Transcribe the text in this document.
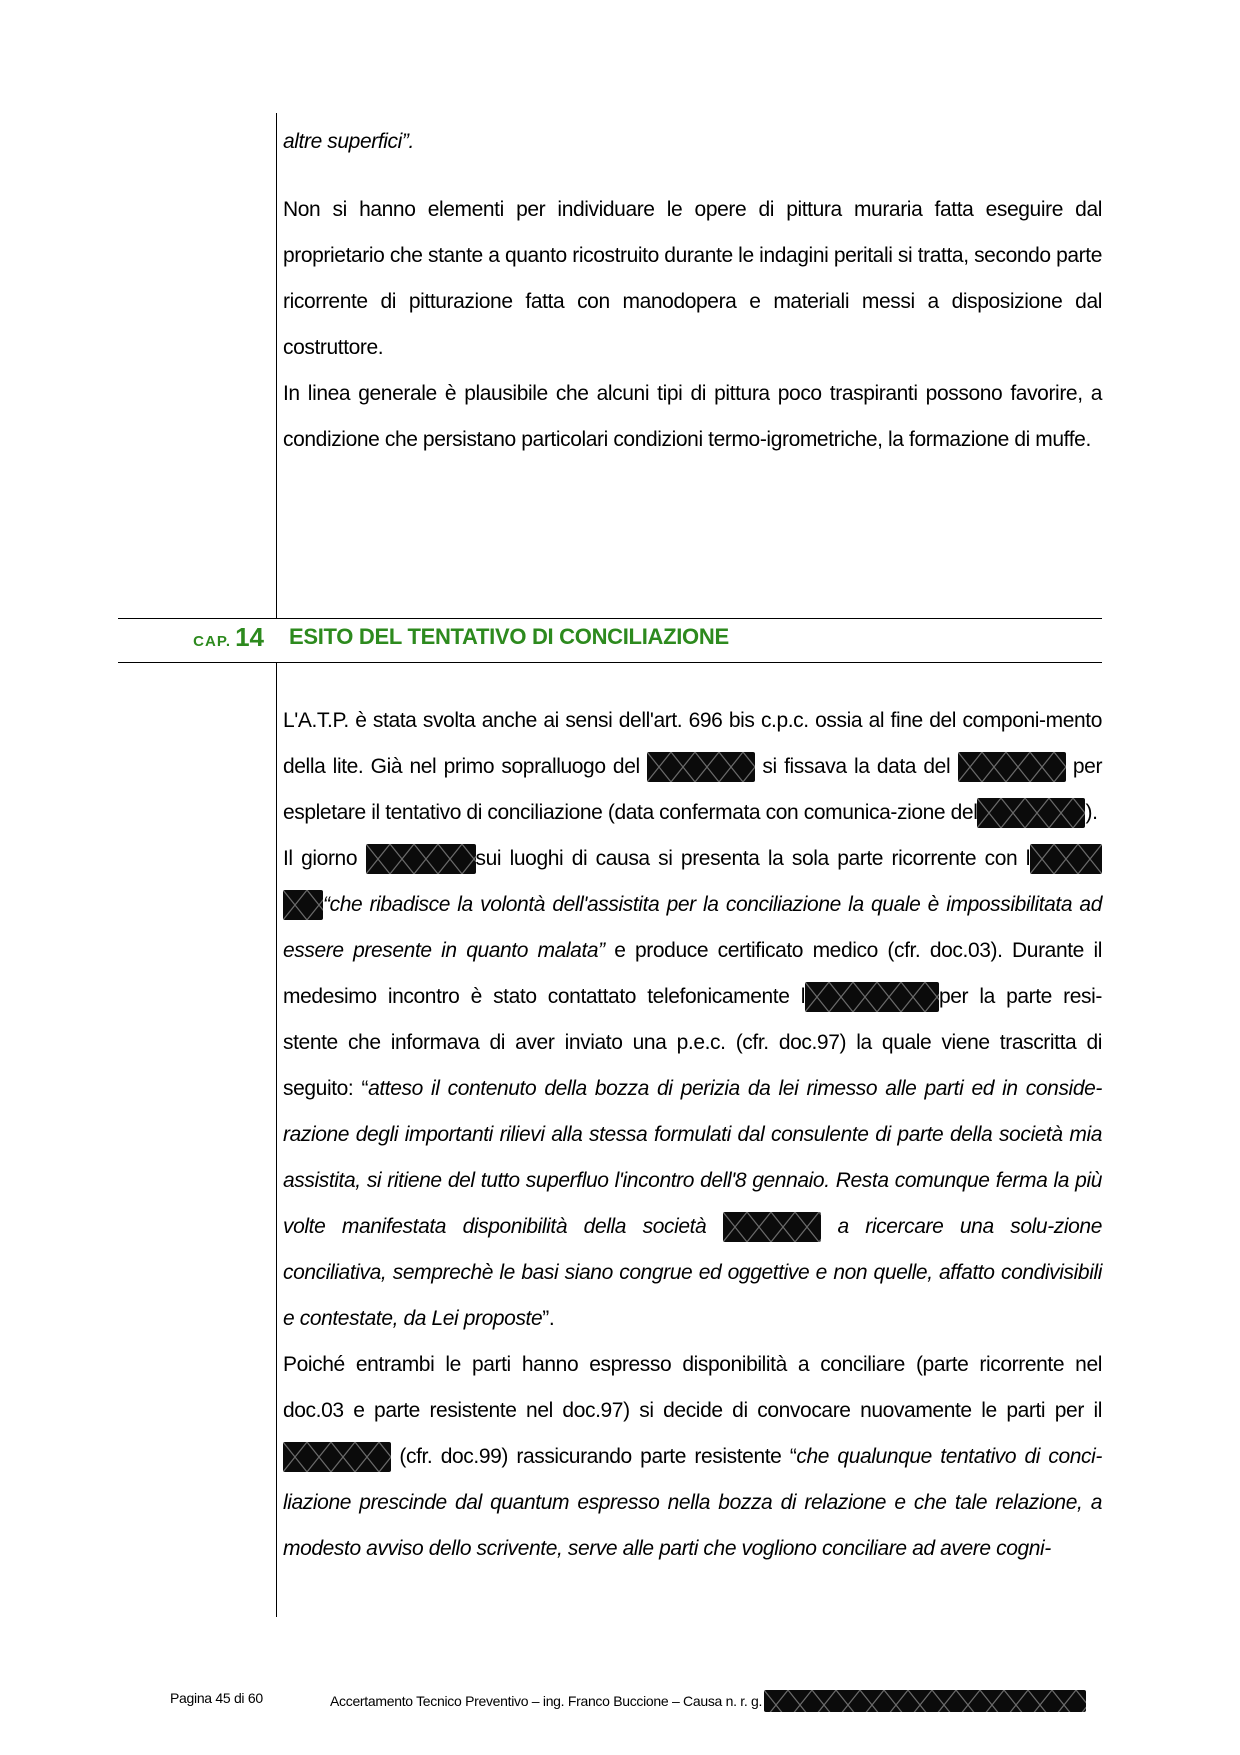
altre superfici”.

Non si hanno elementi per individuare le opere di pittura muraria fatta eseguire dal proprietario che stante a quanto ricostruito durante le indagini peritali si tratta, secondo parte ricorrente di pitturazione fatta con manodopera e materiali messi a disposizione dal costruttore.

In linea generale è plausibile che alcuni tipi di pittura poco traspiranti possono favorire, a condizione che persistano particolari condizioni termo-igrometriche, la formazione di muffe.

CAP. 14 ESITO DEL TENTATIVO DI CONCILIAZIONE

L'A.T.P. è stata svolta anche ai sensi dell'art. 696 bis c.p.c. ossia al fine del componi-mento della lite. Già nel primo sopralluogo del	si fissava la data del	per espletare il tentativo di conciliazione (data confermata con comunica-zione del	).

Il giorno	sui luoghi di causa si presenta la sola parte ricorrente con l

“che ribadisce la volontà dell'assistita per la conciliazione la quale è impossibilitata ad essere presente in quanto malata” e produce certificato medico (cfr. doc.03). Durante il medesimo incontro è stato contattato telefonicamente l	per la parte resi-stente che informava di aver inviato una p.e.c. (cfr. doc.97) la quale viene trascritta di seguito: “atteso il contenuto della bozza di perizia da lei rimesso alle parti ed in conside-razione degli importanti rilievi alla stessa formulati dal consulente di parte della società mia assistita, si ritiene del tutto superfluo l'incontro dell'8 gennaio. Resta comunque ferma la più volte manifestata disponibilità della società	a ricercare una solu-zione conciliativa, semprechè le basi siano congrue ed oggettive e non quelle, affatto condivisibili e contestate, da Lei proposte”.

Poiché entrambi le parti hanno espresso disponibilità a conciliare (parte ricorrente nel doc.03 e parte resistente nel doc.97) si decide di convocare nuovamente le parti per il
(cfr. doc.99) rassicurando parte resistente “che qualunque tentativo di conci-liazione prescinde dal quantum espresso nella bozza di relazione e che tale relazione, a modesto avviso dello scrivente, serve alle parti che vogliono conciliare ad avere cogni-

Pagina 45 di 60	Accertamento Tecnico Preventivo – ing. Franco Buccione – Causa n. r. g.
